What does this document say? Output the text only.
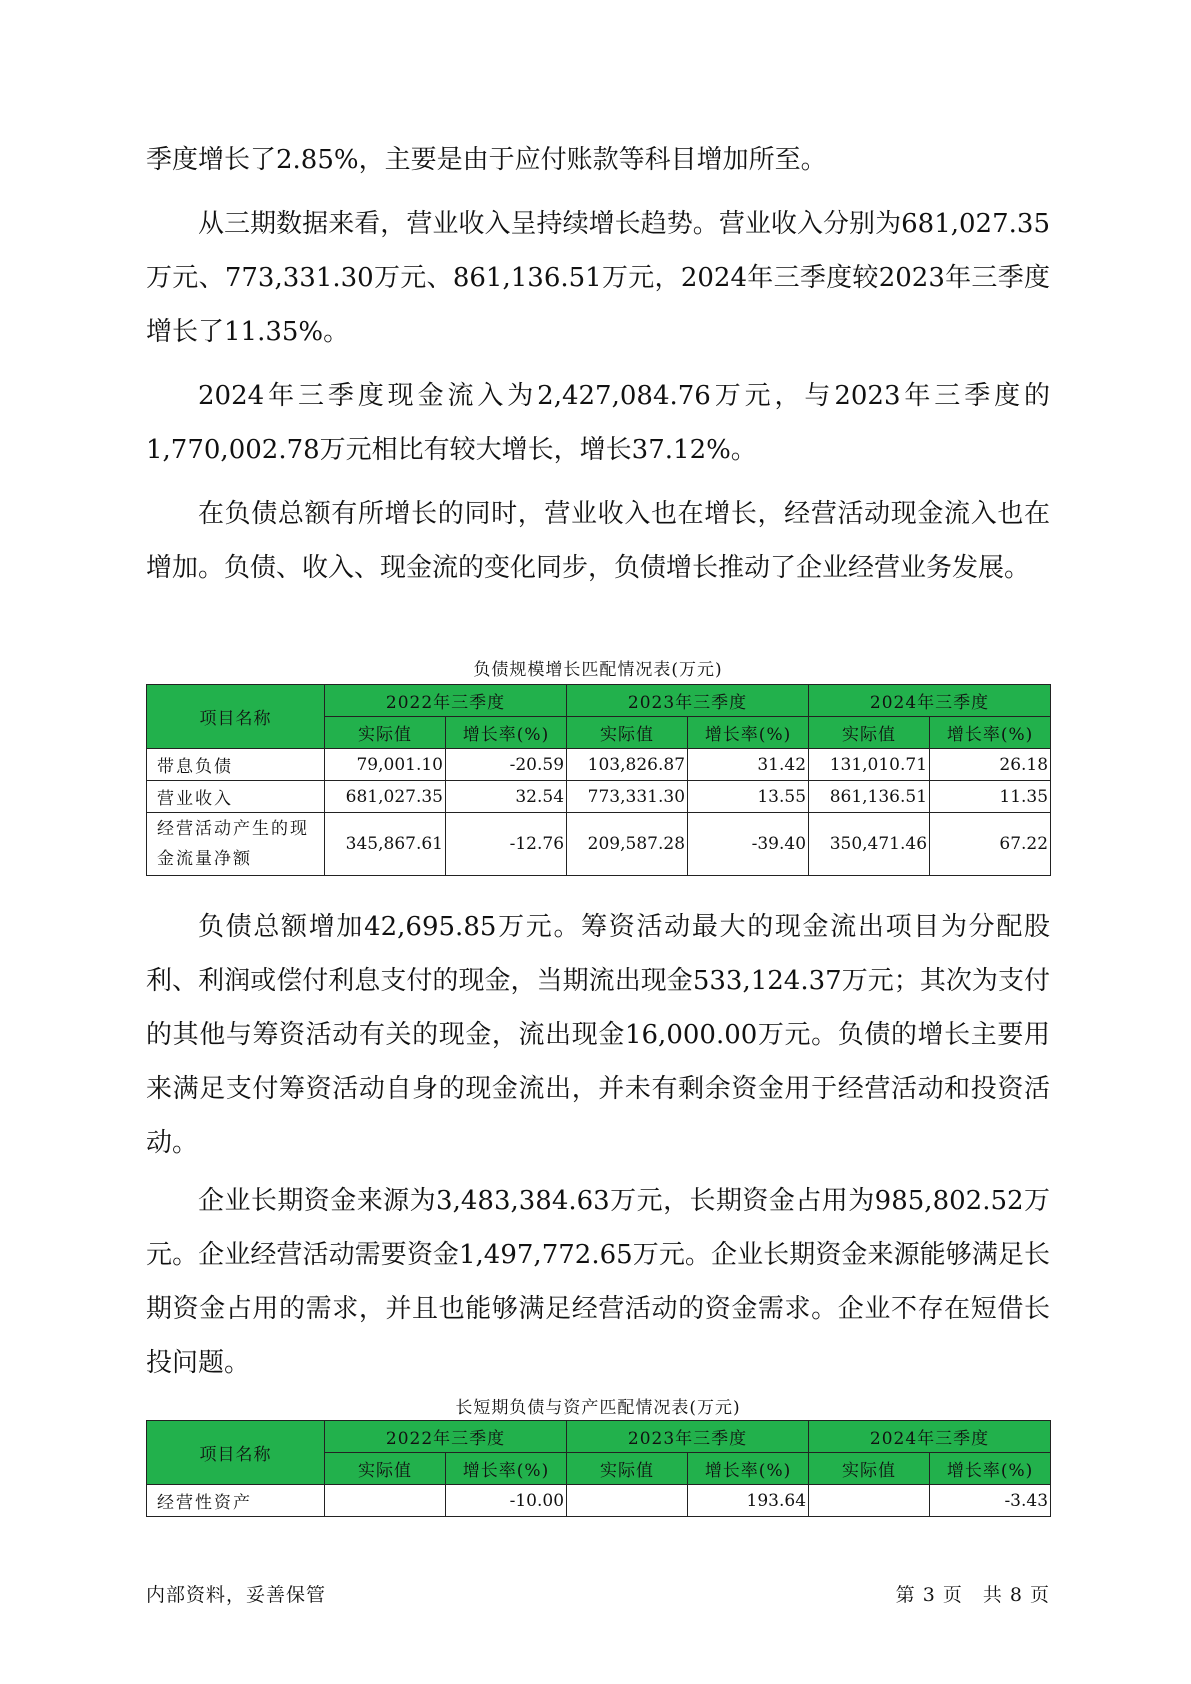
季度增长了2.85%，主要是由于应付账款等科目增加所至。

从三期数据来看，营业收入呈持续增长趋势。营业收入分别为681,027.35万元、773,331.30万元、861,136.51万元，2024年三季度较2023年三季度增长了11.35%。

2024年三季度现金流入为2,427,084.76万元，与2023年三季度的1,770,002.78万元相比有较大增长，增长37.12%。

在负债总额有所增长的同时，营业收入也在增长，经营活动现金流入也在增加。负债、收入、现金流的变化同步，负债增长推动了企业经营业务发展。

负债规模增长匹配情况表(万元)
项目名称	2022年三季度		2023年三季度		2024年三季度	
	实际值	增长率(%)	实际值	增长率(%)	实际值	增长率(%)
带息负债	79,001.10	-20.59	103,826.87	31.42	131,010.71	26.18
营业收入	681,027.35	32.54	773,331.30	13.55	861,136.51	11.35
经营活动产生的现金流量净额	345,867.61	-12.76	209,587.28	-39.40	350,471.46	67.22

负债总额增加42,695.85万元。筹资活动最大的现金流出项目为分配股利、利润或偿付利息支付的现金，当期流出现金533,124.37万元；其次为支付的其他与筹资活动有关的现金，流出现金16,000.00万元。负债的增长主要用来满足支付筹资活动自身的现金流出，并未有剩余资金用于经营活动和投资活动。

企业长期资金来源为3,483,384.63万元，长期资金占用为985,802.52万元。企业经营活动需要资金1,497,772.65万元。企业长期资金来源能够满足长期资金占用的需求，并且也能够满足经营活动的资金需求。企业不存在短借长投问题。

长短期负债与资产匹配情况表(万元)
项目名称	2022年三季度		2023年三季度		2024年三季度	
	实际值	增长率(%)	实际值	增长率(%)	实际值	增长率(%)
经营性资产		-10.00		193.64		-3.43
内部资料，妥善保管	第 3 页　共 8 页
